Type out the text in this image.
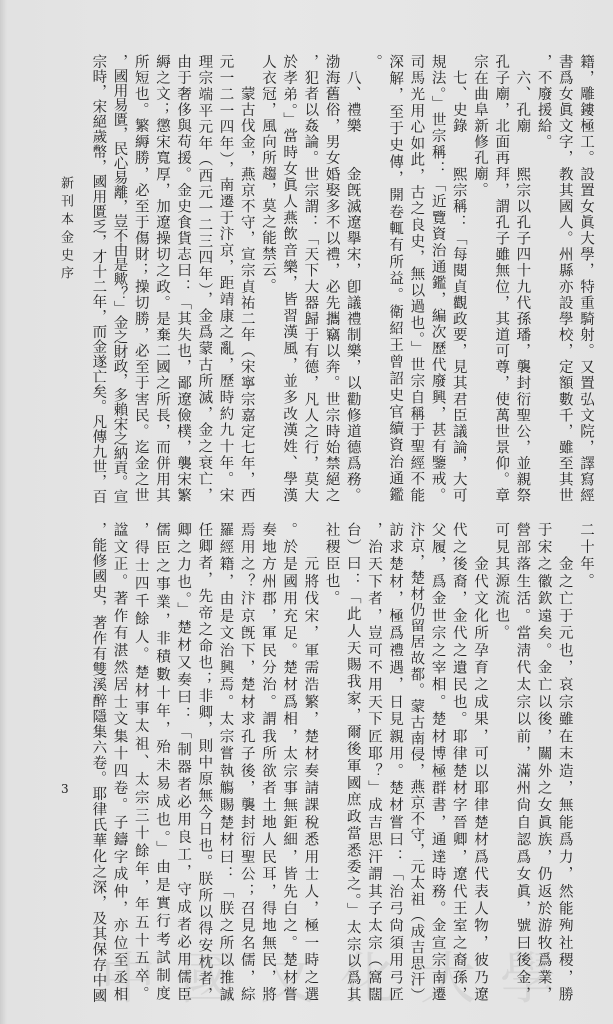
中國文化大學
新刊本金史序
3
籍，雕鏤極工。設置女眞大學，特重騎射。又置弘文院，譯寫經
書爲女眞文字，教其國人。州縣亦設學校，定額數千，雖至其世
，不廢援給。
　六、孔廟　　熙宗以孔子四十九代孫璠，襲封衍聖公，並親祭
孔子廟，北面再拜，謂孔子雖無位，其道可尊，使萬世景仰。章
宗在曲阜新修孔廟。
　七、史錄　　熙宗稱：「每閱貞觀政要，見其君臣議論，大可
規法。」世宗稱：「近覽資治通鑑，編次歷代廢興，甚有鑒戒。
司馬光用心如此，古之良史，無以過也。」世宗自稱于聖經不能
深解，至于史傳，開卷輒有所益。衛紹王曾詔史官續資治通鑑
。
　八、禮樂　　金旣滅遼擧宋，卽議禮制樂，以勸修道德爲務。
渤海舊俗，男女婚娶多不以禮，必先攜竊以奔。世宗時始禁絕之
，犯者以姦論。世宗謂：「天下大器歸于有德，凡人之行，莫大
於孝弟。」當時女眞人燕飲音樂，皆習漢風，並多改漢姓、學漢
人衣冠，風向所趨，莫之能禁云。
　　蒙古伐金，燕京不守，宣宗貞祐二年（宋寧宗嘉定七年，西
元一二一四年），南遷于汴京，距靖康之亂，歷時約九十年。宋
理宗端平元年（西元一二三四年），金爲蒙古所滅，金之衰亡，
由于奢侈與苟援。金史食貨志曰：「其失也，鄙遼儉樸，襲宋繁
縟之文；懲宋寬厚，加遼操切之政。是棄二國之所長，而併用其
所短也。繁縟勝，必至于傷財；操切勝，必至于害民。迄金之世
，國用易匱，民心易離，豈不由是歟？」金之財政，多賴宋之納貢。宣
宗時，宋絕歲幣，國用匱乏，才十二年，而金遂亡矣。凡傳九世，百
二十年。
　　金之亡于元也，哀宗雖在末造，無能爲力，然能殉社稷，勝
于宋之徽欽遠矣。金亡以後，關外之女眞族，仍返於游牧爲業，
營部落生活。當淸代太宗以前，滿州尙自認爲女眞，號曰後金，
可見其源流也。
　　金代文化所孕育之成果，可以耶律楚材爲代表人物，彼乃遼
代之後裔，金代之遺民也。耶律楚材字晉卿，遼代王室之裔孫，
父履，爲金世宗之宰相。楚材博極群書，通達時務。金宣宗南遷
汴京，楚材仍留居故都。蒙古南侵，燕京不守，元太祖（成吉思汗）
訪求楚材，極爲禮遇，日見親用。楚材嘗曰：「治弓尙須用弓匠
，治天下者，豈可不用天下匠耶？」成吉思汗謂其子太宗（窩闊
台）曰：「此人天賜我家，爾後軍國庶政當悉委之。」太宗以爲其
社稷臣也。
　　元將伐宋，軍需浩繁，楚材奏請課稅悉用士人，極一時之選
。於是國用充足。楚材爲相，太宗事無鉅細，皆先白之。楚材嘗
奏地方州郡，軍民分治。謂我所欲者土地人民耳，得地無民，將
焉用之？汴京旣下，楚材求孔子後，襲封衍聖公；召見名儒，綜
羅經籍，由是文治興焉。太宗嘗執觴賜楚材曰：「朕之所以推誠
任卿者，先帝之命也；非卿，則中原無今日也。朕所以得安枕者，
卿之力也。」楚材又奏曰：「制器者必用良工，守成者必用儒臣
儒臣之事業，非積數十年，殆未易成也。」由是實行考試制度
，得士四千餘人。楚材事太祖、太宗三十餘年，年五十五卒。
諡文正。著作有湛然居士文集十四卷。子鑄字成仲，亦位至丞相
，能修國史，著作有雙溪醉隱集六卷。耶律氏華化之深，及其保存中國
